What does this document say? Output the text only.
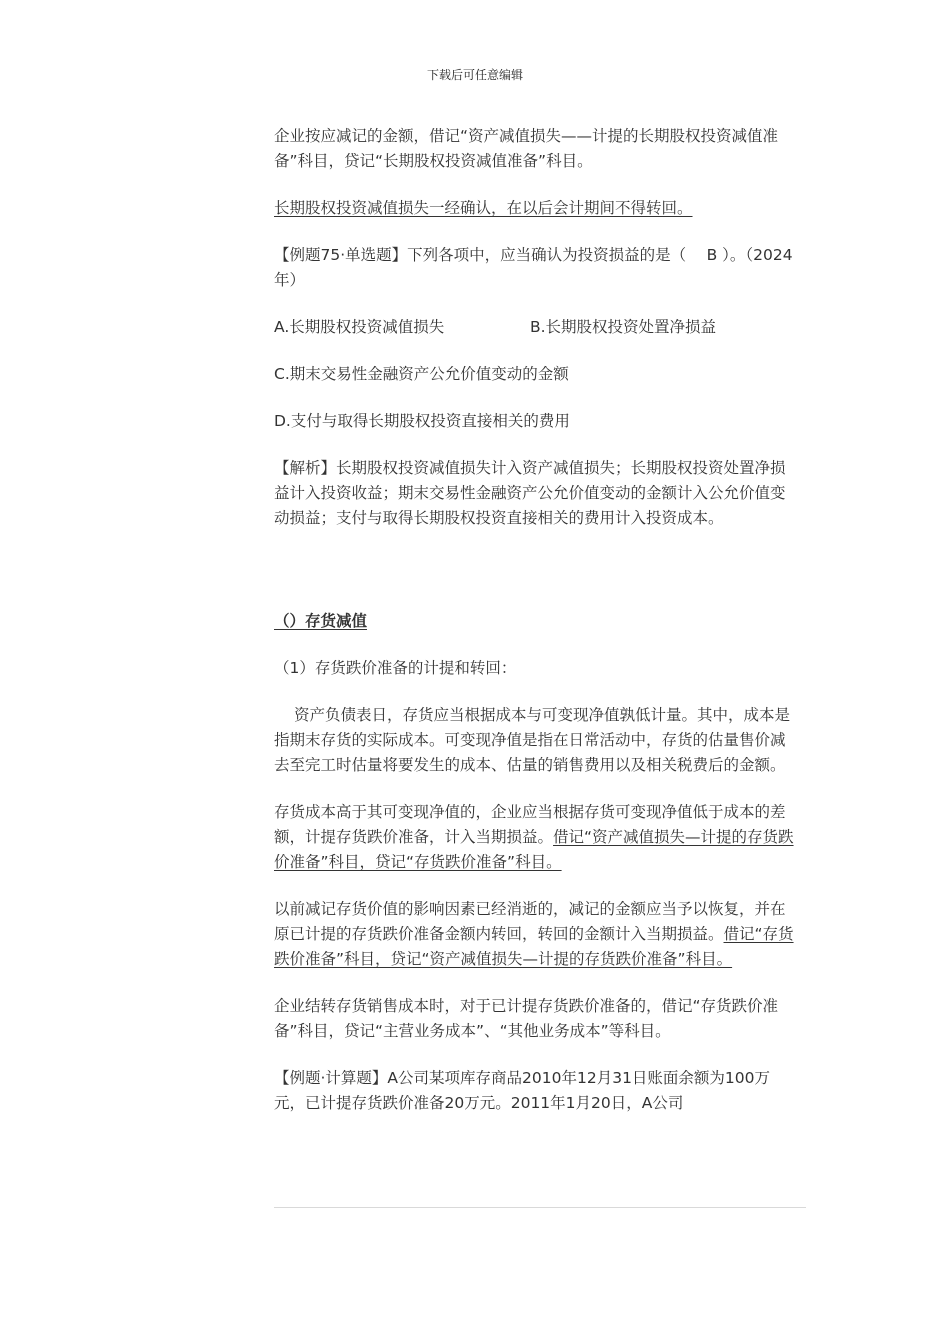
下载后可任意编辑

企业按应减记的金额，借记“资产减值损失——计提的长期股权投资减值准备”科目，贷记“长期股权投资减值准备”科目。

长期股权投资减值损失一经确认，在以后会计期间不得转回。

【例题75·单选题】下列各项中，应当确认为投资损益的是（　 B ）。（2024年）

A.长期股权投资减值损失	B.长期股权投资处置净损益

C.期末交易性金融资产公允价值变动的金额

D.支付与取得长期股权投资直接相关的费用

【解析】长期股权投资减值损失计入资产减值损失；长期股权投资处置净损益计入投资收益；期末交易性金融资产公允价值变动的金额计入公允价值变动损益；支付与取得长期股权投资直接相关的费用计入投资成本。

（）存货减值

（1）存货跌价准备的计提和转回：

资产负债表日，存货应当根据成本与可变现净值孰低计量。其中，成本是指期末存货的实际成本。可变现净值是指在日常活动中，存货的估量售价减去至完工时估量将要发生的成本、估量的销售费用以及相关税费后的金额。

存货成本高于其可变现净值的，企业应当根据存货可变现净值低于成本的差额，计提存货跌价准备，计入当期损益。借记“资产减值损失—计提的存货跌价准备”科目，贷记“存货跌价准备”科目。

以前减记存货价值的影响因素已经消逝的，减记的金额应当予以恢复，并在原已计提的存货跌价准备金额内转回，转回的金额计入当期损益。借记“存货跌价准备”科目，贷记“资产减值损失—计提的存货跌价准备”科目。

企业结转存货销售成本时，对于已计提存货跌价准备的，借记“存货跌价准备”科目，贷记“主营业务成本”、“其他业务成本”等科目。

【例题·计算题】A公司某项库存商品2010年12月31日账面余额为100万元，已计提存货跌价准备20万元。2011年1月20日，A公司
